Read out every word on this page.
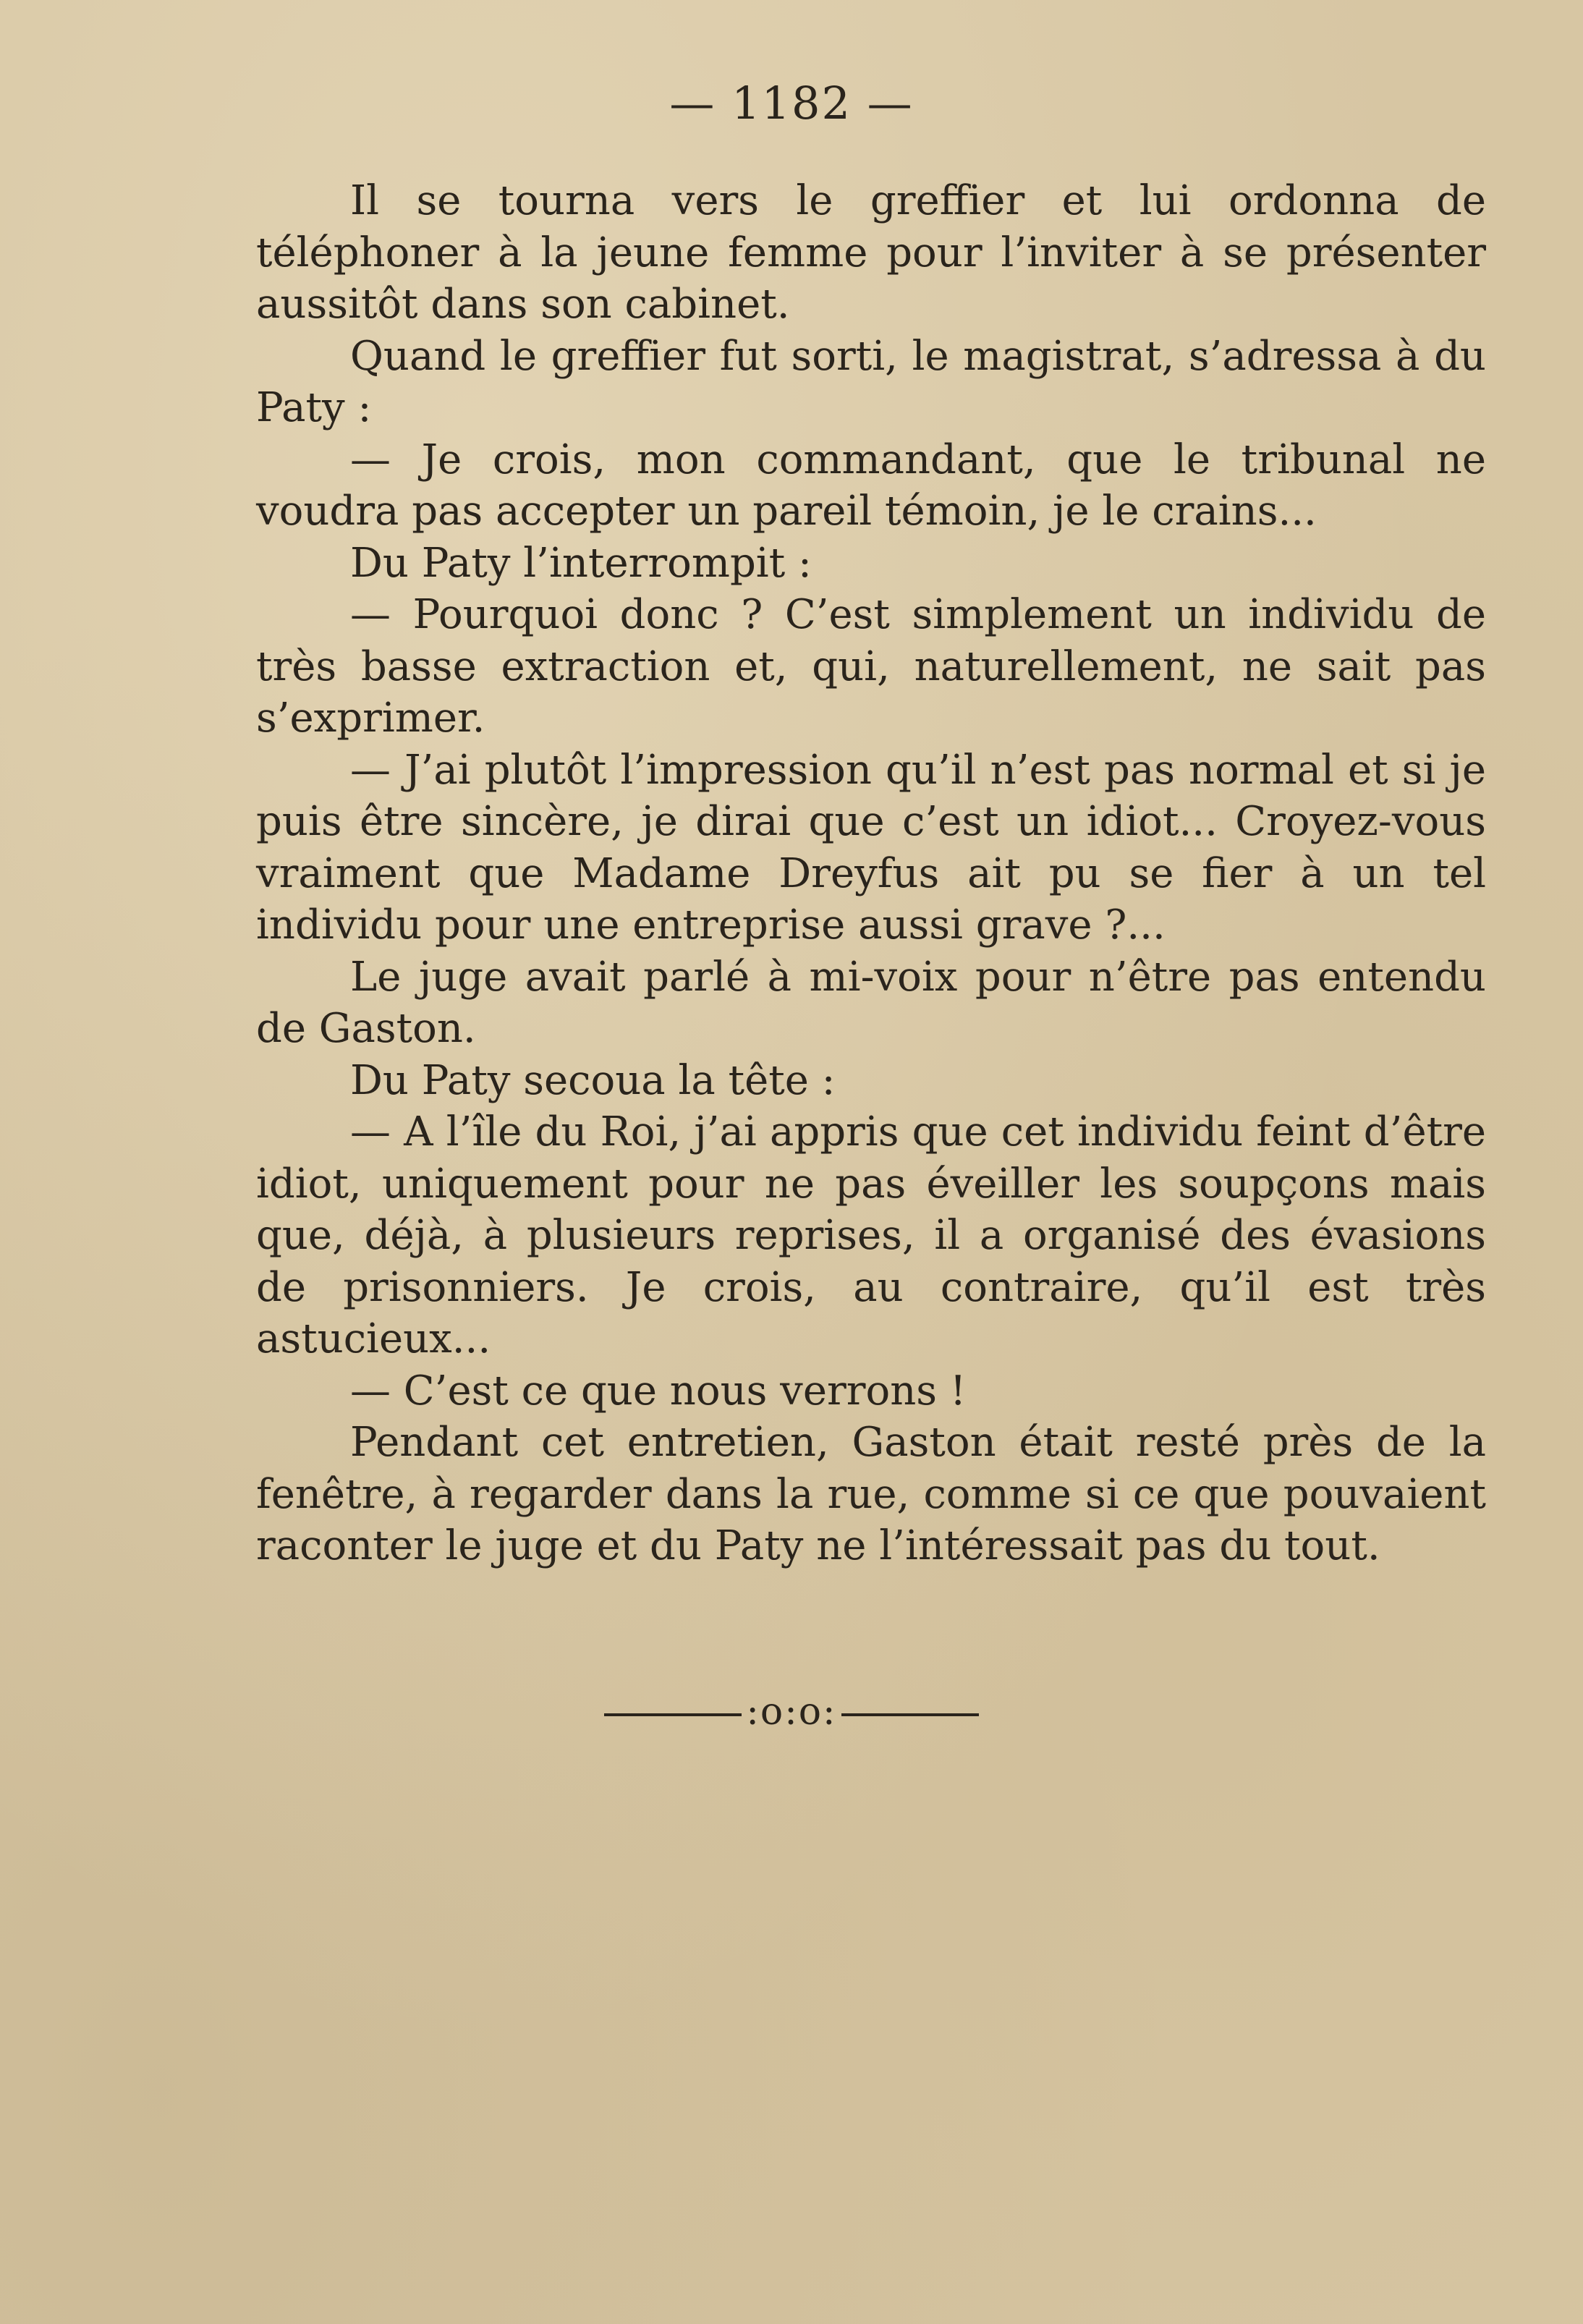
— 1182 —

Il se tourna vers le greffier et lui ordonna de téléphoner à la jeune femme pour l’inviter à se présenter aussitôt dans son cabinet.

Quand le greffier fut sorti, le magistrat, s’adressa à du Paty :

— Je crois, mon commandant, que le tribunal ne voudra pas accepter un pareil témoin, je le crains...

Du Paty l’interrompit :

— Pourquoi donc ? C’est simplement un individu de très basse extraction et, qui, naturellement, ne sait pas s’exprimer.

— J’ai plutôt l’impression qu’il n’est pas normal et si je puis être sincère, je dirai que c’est un idiot... Croyez-vous vraiment que Madame Dreyfus ait pu se fier à un tel individu pour une entreprise aussi grave ?...

Le juge avait parlé à mi-voix pour n’être pas entendu de Gaston.

Du Paty secoua la tête :

— A l’île du Roi, j’ai appris que cet individu feint d’être idiot, uniquement pour ne pas éveiller les soupçons mais que, déjà, à plusieurs reprises, il a organisé des évasions de prisonniers. Je crois, au contraire, qu’il est très astucieux...

— C’est ce que nous verrons !

Pendant cet entretien, Gaston était resté près de la fenêtre, à regarder dans la rue, comme si ce que pouvaient raconter le juge et du Paty ne l’intéressait pas du tout.

:o:o:
